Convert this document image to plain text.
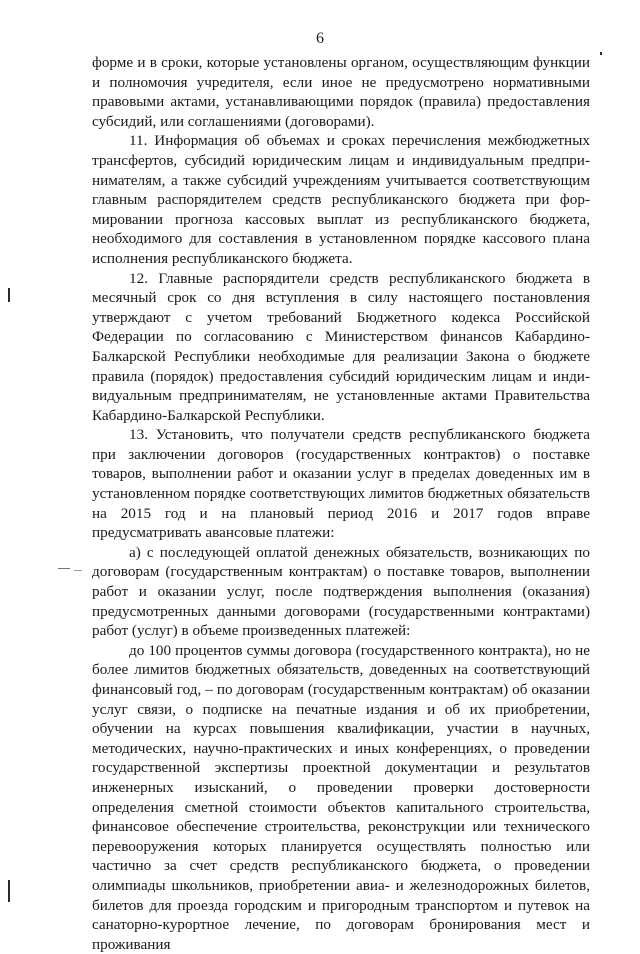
6

форме и в сроки, которые установлены органом, осуществляющим функции и полномочия учредителя, если иное не предусмотрено нормативными правовыми актами, устанавливающими порядок (правила) предоставления субсидий, или соглашениями (договорами).

11. Информация об объемах и сроках перечисления межбюджетных трансфертов, субсидий юридическим лицам и индивидуальным предпринимателям, а также субсидий учреждениям учитывается соответствующим главным распорядителем средств республиканского бюджета при формировании прогноза кассовых выплат из республиканского бюджета, необходимого для составления в установленном порядке кассового плана исполнения республиканского бюджета.

12. Главные распорядители средств республиканского бюджета в месячный срок со дня вступления в силу настоящего постановления утверждают с учетом требований Бюджетного кодекса Российской Федерации по согласованию с Министерством финансов Кабардино-Балкарской Республики необходимые для реализации Закона о бюджете правила (порядок) предоставления субсидий юридическим лицам и индивидуальным предпринимателям, не установленные актами Правительства Кабардино-Балкарской Республики.

13. Установить, что получатели средств республиканского бюджета при заключении договоров (государственных контрактов) о поставке товаров, выполнении работ и оказании услуг в пределах доведенных им в установленном порядке соответствующих лимитов бюджетных обязательств на 2015 год и на плановый период 2016 и 2017 годов вправе предусматривать авансовые платежи:

а) с последующей оплатой денежных обязательств, возникающих по договорам (государственным контрактам) о поставке товаров, выполнении работ и оказании услуг, после подтверждения выполнения (оказания) предусмотренных данными договорами (государственными контрактами) работ (услуг) в объеме произведенных платежей:

до 100 процентов суммы договора (государственного контракта), но не более лимитов бюджетных обязательств, доведенных на соответствующий финансовый год, – по договорам (государственным контрактам) об оказании услуг связи, о подписке на печатные издания и об их приобретении, обучении на курсах повышения квалификации, участии в научных, методических, научно-практических и иных конференциях, о проведении государственной экспертизы проектной документации и результатов инженерных изысканий, о проведении проверки достоверности определения сметной стоимости объектов капитального строительства, финансовое обеспечение строительства, реконструкции или технического перевооружения которых планируется осуществлять полностью или частично за счет средств республиканского бюджета, о проведении олимпиады школьников, приобретении авиа- и железнодорожных билетов, билетов для проезда городским и пригородным транспортом и путевок на санаторно-курортное лечение, по договорам бронирования мест и проживания
